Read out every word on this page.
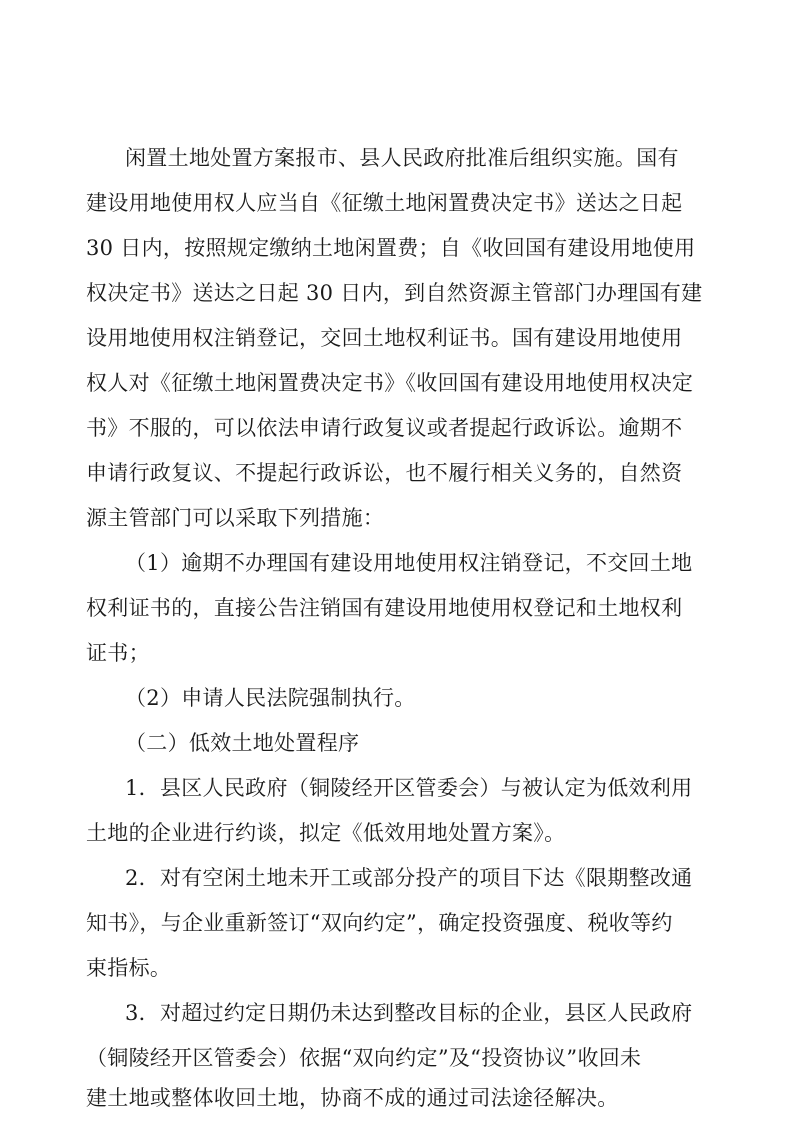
闲置土地处置方案报市、县人民政府批准后组织实施。国有

建设用地使用权人应当自《征缴土地闲置费决定书》送达之日起

30 日内，按照规定缴纳土地闲置费；自《收回国有建设用地使用

权决定书》送达之日起 30 日内，到自然资源主管部门办理国有建

设用地使用权注销登记，交回土地权利证书。国有建设用地使用

权人对《征缴土地闲置费决定书》《收回国有建设用地使用权决定

书》不服的，可以依法申请行政复议或者提起行政诉讼。逾期不

申请行政复议、不提起行政诉讼，也不履行相关义务的，自然资

源主管部门可以采取下列措施：

（1）逾期不办理国有建设用地使用权注销登记，不交回土地

权利证书的，直接公告注销国有建设用地使用权登记和土地权利

证书；

（2）申请人民法院强制执行。

（二）低效土地处置程序

1．县区人民政府（铜陵经开区管委会）与被认定为低效利用

土地的企业进行约谈，拟定《低效用地处置方案》。

2．对有空闲土地未开工或部分投产的项目下达《限期整改通

知书》，与企业重新签订“双向约定”，确定投资强度、税收等约

束指标。

3．对超过约定日期仍未达到整改目标的企业，县区人民政府

（铜陵经开区管委会）依据“双向约定”及“投资协议”收回未

建土地或整体收回土地，协商不成的通过司法途径解决。
